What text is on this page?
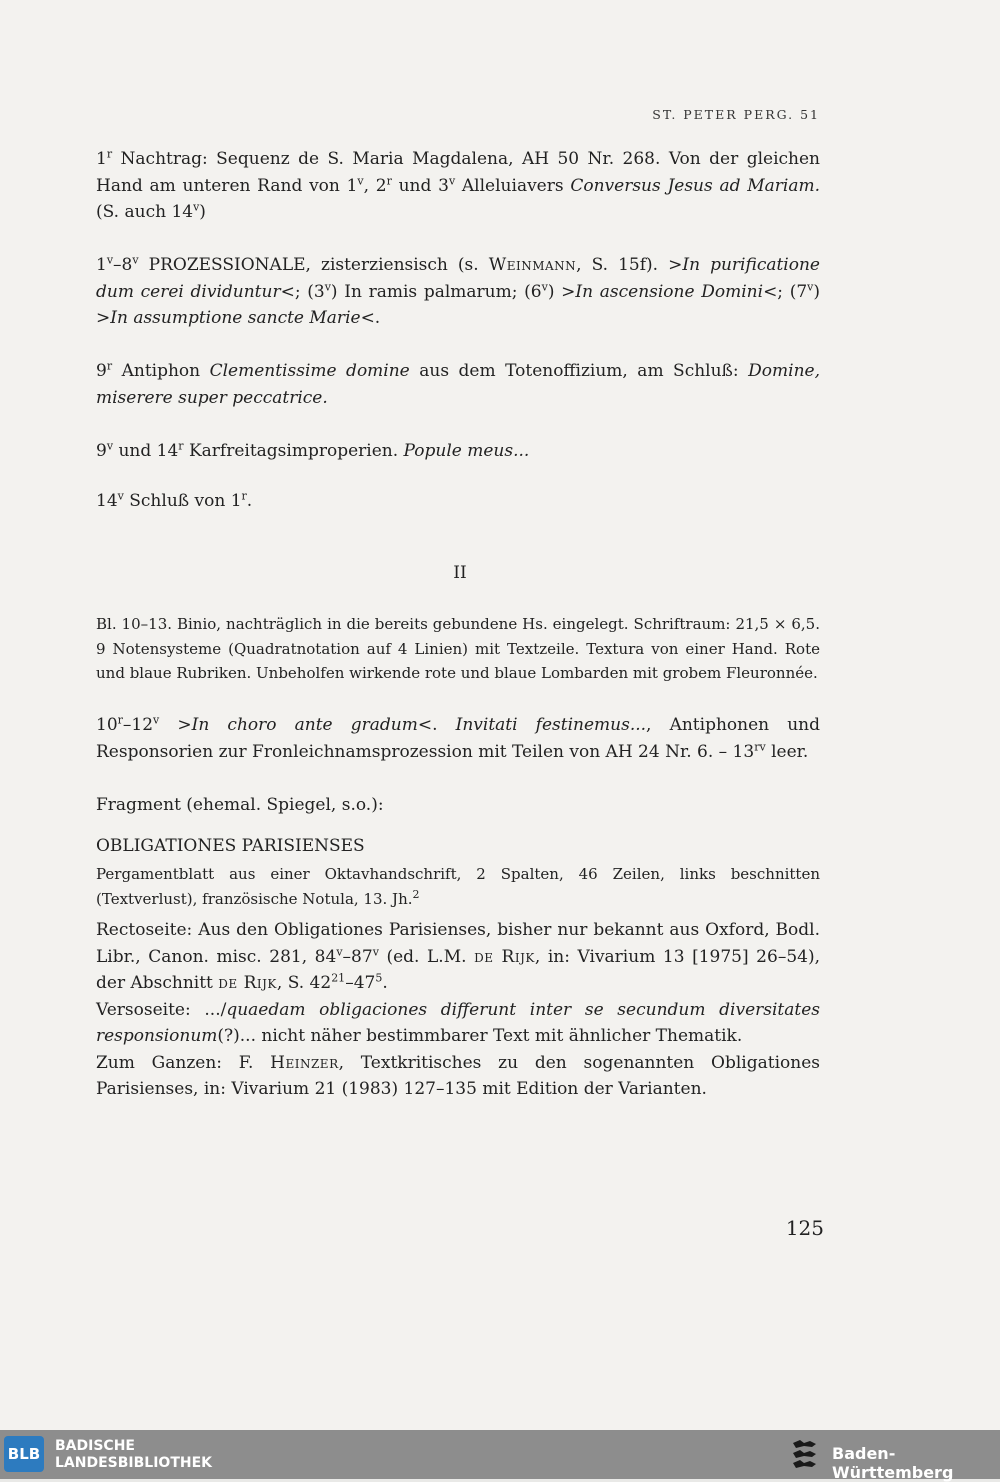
ST. PETER PERG. 51
1$^r$ Nachtrag: Sequenz de S. Maria Magdalena, AH 50 Nr. 268. Von der gleichen Hand am unteren Rand von 1$^v$, 2$^r$ und 3$^v$ Alleluiavers Conversus Jesus ad Mariam. (S. auch 14$^v$)
1$^v$–8$^v$ PROZESSIONALE, zisterziensisch (s. Weinmann, S. 15f). >In purificatione dum cerei dividuntur<; (3$^v$) In ramis palmarum; $(6^v) >In$ ascensione Domini<; $(7^v) >In$ assumptione sancte Marie<.
9$^r$ Antiphon Clementissime domine aus dem Totenoffizium, am Schluß: Domine, miserere super peccatrice.
9$^v$ und 14$^r$ Karfreitagsimproperien. Popule meus...
14$^v$ Schluß von 1$^r$.
II
Bl. 10–13. Binio, nachträglich in die bereits gebundene Hs. eingelegt. Schriftraum: 21,5 × 6,5. 9 Notensysteme (Quadratnotation auf 4 Linien) mit Textzeile. Textura von einer Hand. Rote und blaue Rubriken. Unbeholfen wirkende rote und blaue Lombarden mit grobem Fleuronnée.
$10^r-12^v >In$ choro ante gradum<. Invitati festinemus..., Antiphonen und Responsorien zur Fronleichnamsprozession mit Teilen von AH 24 Nr. 6. – $13^{rv}$ leer.
Fragment (ehemal. Spiegel, s.o.):
OBLIGATIONES PARISIENSES
Pergamentblatt aus einer Oktavhandschrift, 2 Spalten, 46 Zeilen, links beschnitten (Textverlust), französische Notula, 13. Jh.$^2$
Rectoseite: Aus den Obligationes Parisienses, bisher nur bekannt aus Oxford, Bodl. Libr., Canon. misc. 281, 84$^v$–87$^v$ (ed. L.M. de Rijk, in: Vivarium 13 [1975] 26–54), der Abschnitt de Rijk, S. $42^{21}-47^5$.
Versoseite: .../quaedam obligaciones differunt inter se secundum diversitates responsionum(?)... nicht näher bestimmbarer Text mit ähnlicher Thematik.
Zum Ganzen: F. Heinzer, Textkritisches zu den sogenannten Obligationes Parisienses, in: Vivarium 21 (1983) 127–135 mit Edition der Varianten.
125
BLB BADISCHE
LANDESBIBLIOTHEK	Baden-Württemberg
